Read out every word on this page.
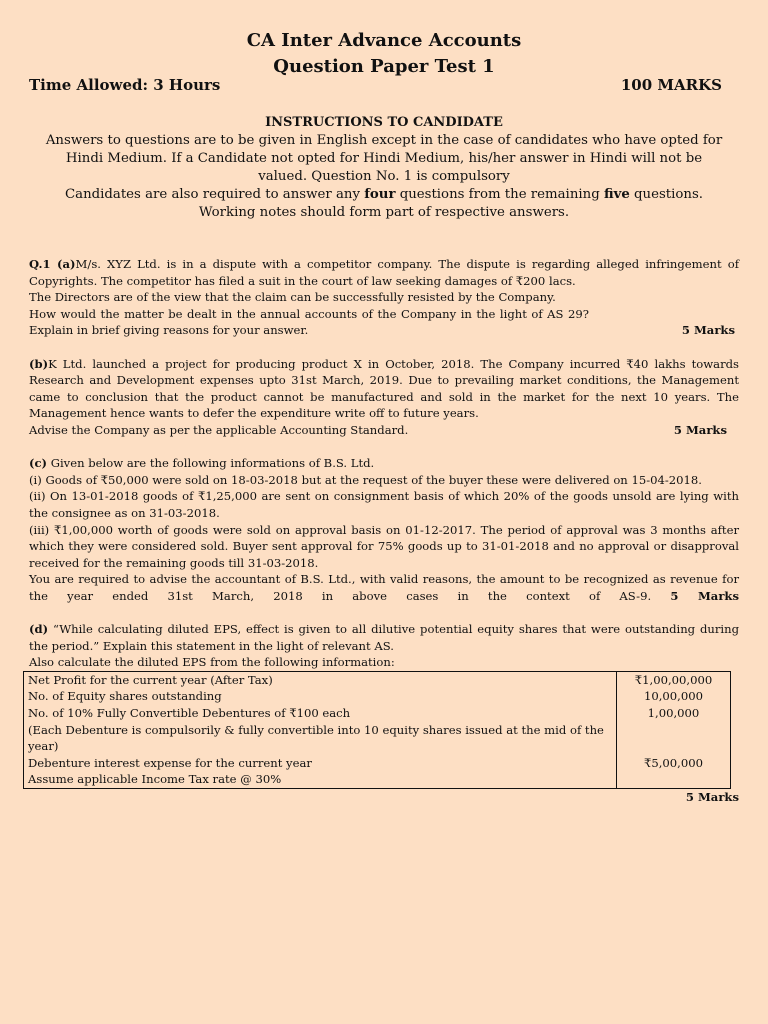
CA Inter Advance Accounts
Question Paper Test 1
Time Allowed: 3 Hours	100 MARKS
INSTRUCTIONS TO CANDIDATE

Answers to questions are to be given in English except in the case of candidates who have opted for Hindi Medium. If a Candidate not opted for Hindi Medium, his/her answer in Hindi will not be valued. Question No. 1 is compulsory

Candidates are also required to answer any four questions from the remaining five questions.

Working notes should form part of respective answers.

Q.1 (a)M/s. XYZ Ltd. is in a dispute with a competitor company. The dispute is regarding alleged infringement of Copyrights. The competitor has filed a suit in the court of law seeking damages of ₹200 lacs.

The Directors are of the view that the claim can be successfully resisted by the Company.

How would the matter be dealt in the annual accounts of the Company in the light of AS 29? Explain in brief giving reasons for your answer.	5 Marks

(b)K Ltd. launched a project for producing product X in October, 2018. The Company incurred ₹40 lakhs towards Research and Development expenses upto 31st March, 2019. Due to prevailing market conditions, the Management came to conclusion that the product cannot be manufactured and sold in the market for the next 10 years. The Management hence wants to defer the expenditure write off to future years.

Advise the Company as per the applicable Accounting Standard.	5 Marks

(c) Given below are the following informations of B.S. Ltd.

(i) Goods of ₹50,000 were sold on 18-03-2018 but at the request of the buyer these were delivered on 15-04-2018.

(ii) On 13-01-2018 goods of ₹1,25,000 are sent on consignment basis of which 20% of the goods unsold are lying with the consignee as on 31-03-2018.

(iii) ₹1,00,000 worth of goods were sold on approval basis on 01-12-2017. The period of approval was 3 months after which they were considered sold. Buyer sent approval for 75% goods up to 31-01-2018 and no approval or disapproval received for the remaining goods till 31-03-2018.

You are required to advise the accountant of B.S. Ltd., with valid reasons, the amount to be recognized as revenue for the year ended 31st March, 2018 in above cases in the context of AS-9. 5 Marks

(d) “While calculating diluted EPS, effect is given to all dilutive potential equity shares that were outstanding during the period.” Explain this statement in the light of relevant AS.

Also calculate the diluted EPS from the following information:

Net Profit for the current year (After Tax)	₹1,00,00,000
No. of Equity shares outstanding	10,00,000
No. of 10% Fully Convertible Debentures of ₹100 each	1,00,000
(Each Debenture is compulsorily & fully convertible into 10 equity shares issued at the mid of the year)	
Debenture interest expense for the current year	₹5,00,000
Assume applicable Income Tax rate @ 30%	
5 Marks
